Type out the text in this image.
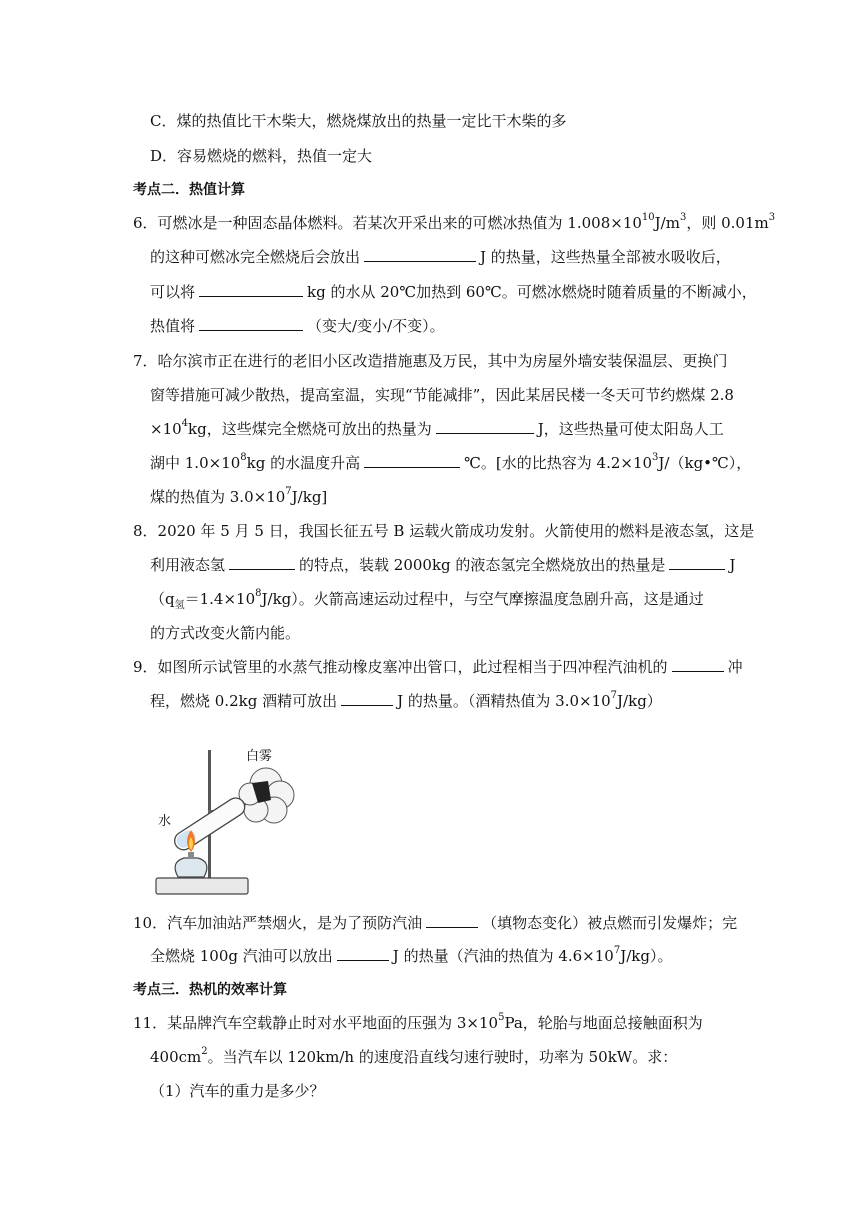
C．煤的热值比干木柴大，燃烧煤放出的热量一定比干木柴的多
D．容易燃烧的燃料，热值一定大
考点二．热值计算
6．可燃冰是一种固态晶体燃料。若某次开采出来的可燃冰热值为 $1.008\times 10^{10}J/m^3$，则 $0.01m^3$
的这种可燃冰完全燃烧后会放出	J 的热量，这些热量全部被水吸收后，
可以将	kg 的水从 20℃加热到 60℃。可燃冰燃烧时随着质量的不断减小，
热值将	（变大/变小/不变）。
7．哈尔滨市正在进行的老旧小区改造措施惠及万民，其中为房屋外墙安装保温层、更换门
窗等措施可减少散热，提高室温，实现“节能减排”，因此某居民楼一冬天可节约燃煤 2.8
$\times 10^4kg$，这些煤完全燃烧可放出的热量为	J，这些热量可使太阳岛人工
湖中 $1.0\times 10^8kg$ 的水温度升高	℃。[水的比热容为 $4.2\times 10^3J/(kg•℃)$，
煤的热值为 $3.0\times 10^7J/kg$]
8．2020 年 5 月 5 日，我国长征五号 B 运载火箭成功发射。火箭使用的燃料是液态氢，这是
利用液态氢	的特点，装载 2000kg 的液态氢完全燃烧放出的热量是	J
$(q_氢=1.4\times 10^8J/kg)$。火箭高速运动过程中，与空气摩擦温度急剧升高，这是通过
的方式改变火箭内能。
9．如图所示试管里的水蒸气推动橡皮塞冲出管口，此过程相当于四冲程汽油机的	冲
程，燃烧 0.2kg 酒精可放出	J 的热量。（酒精热值为 $3.0\times 10^7J/kg$）
白雾
水
10．汽车加油站严禁烟火，是为了预防汽油	（填物态变化）被点燃而引发爆炸；完
全燃烧 100g 汽油可以放出	J 的热量（汽油的热值为 $4.6\times 10^7J/kg$）。
考点三．热机的效率计算
11．某品牌汽车空载静止时对水平地面的压强为 $3\times 10^5Pa$，轮胎与地面总接触面积为
$400cm^2$。当汽车以 120km/h 的速度沿直线匀速行驶时，功率为 50kW。求：
（1）汽车的重力是多少？
